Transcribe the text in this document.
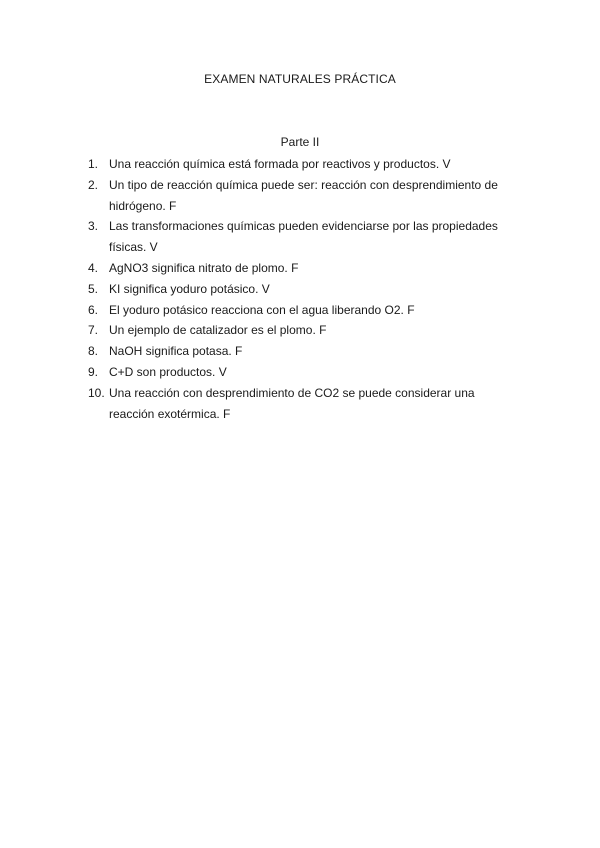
EXAMEN NATURALES PRÁCTICA
Parte II
1. Una reacción química está formada por reactivos y productos. V
2. Un tipo de reacción química puede ser: reacción con desprendimiento de hidrógeno. F
3. Las transformaciones químicas pueden evidenciarse por las propiedades físicas. V
4. AgNO3 significa nitrato de plomo. F
5. KI significa yoduro potásico. V
6. El yoduro potásico reacciona con el agua liberando O2. F
7. Un ejemplo de catalizador es el plomo. F
8. NaOH significa potasa. F
9. C+D son productos. V
10. Una reacción con desprendimiento de CO2 se puede considerar una reacción exotérmica. F
